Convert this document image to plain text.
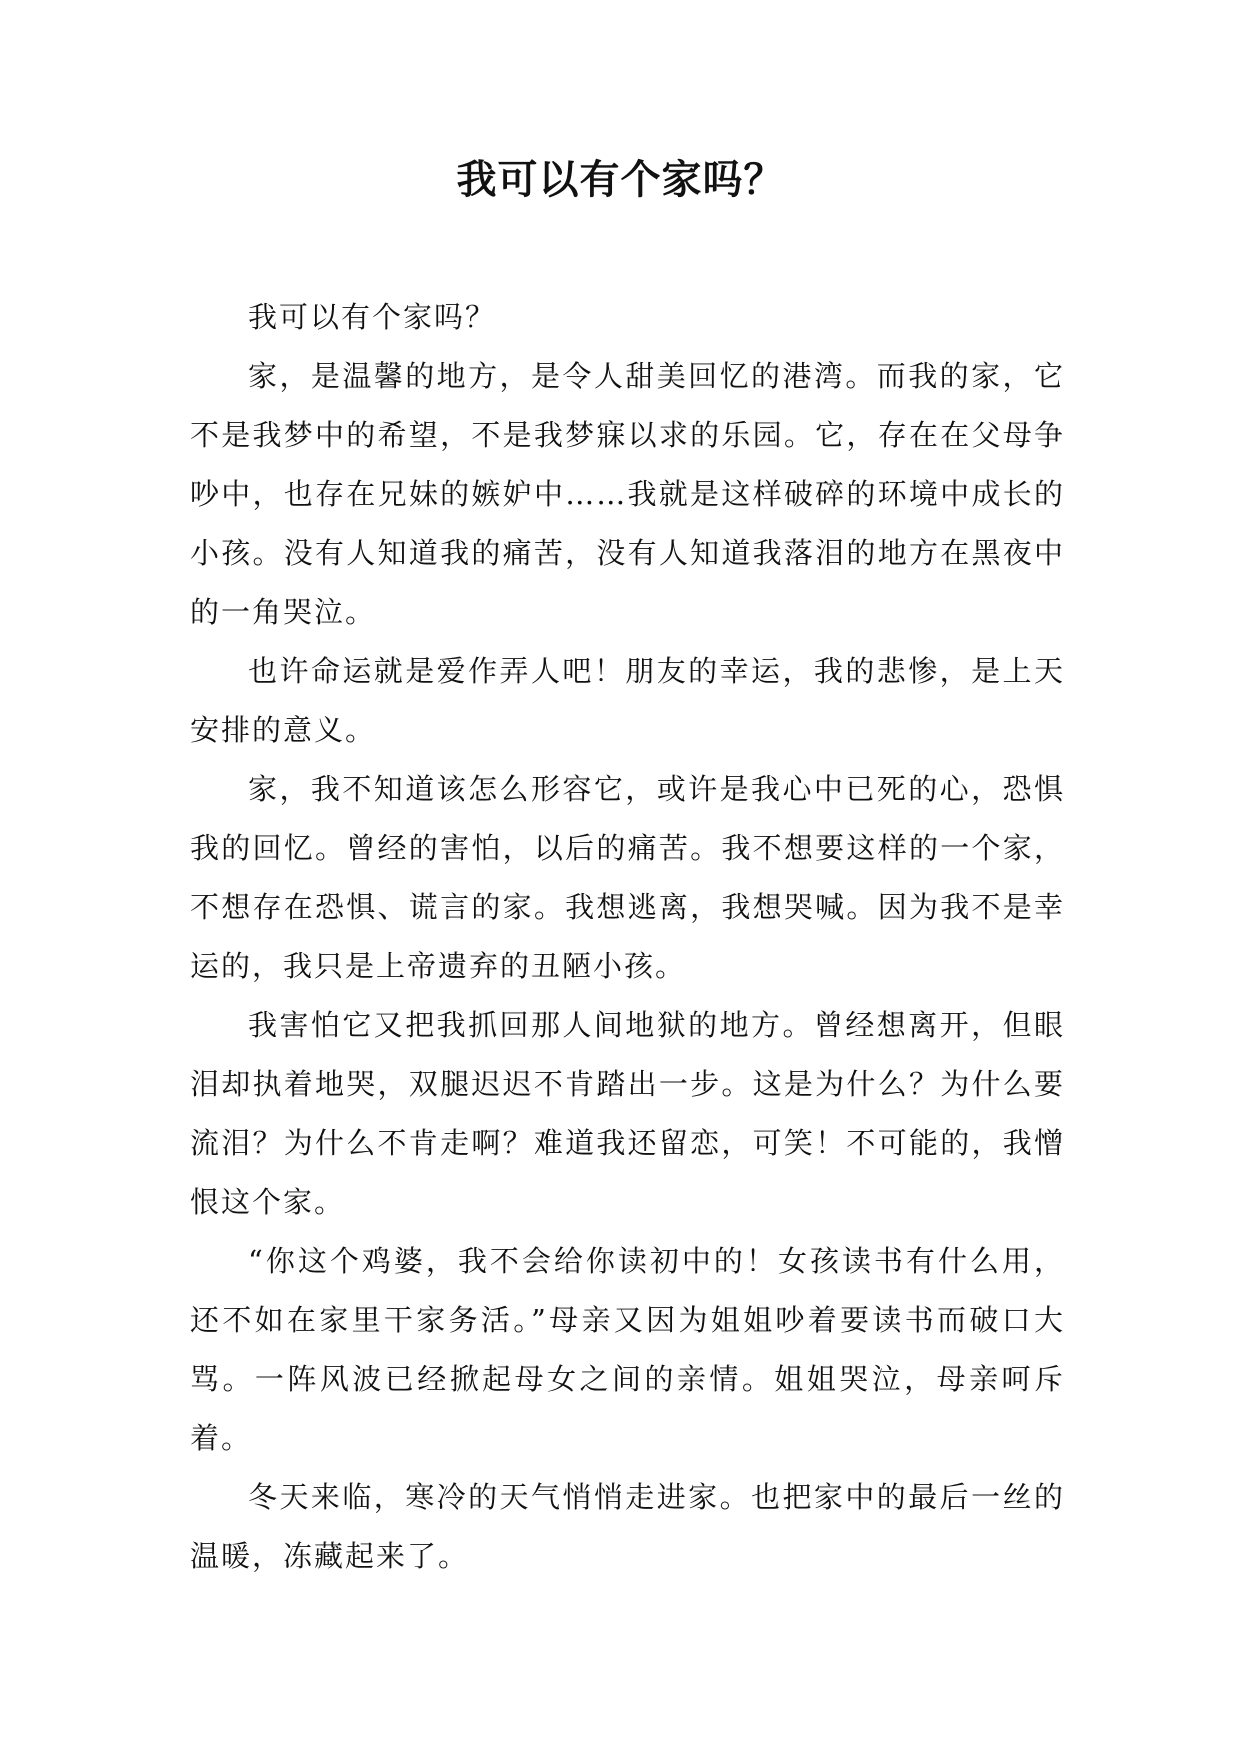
我可以有个家吗？

我可以有个家吗？

家，是温馨的地方，是令人甜美回忆的港湾。而我的家，它不是我梦中的希望，不是我梦寐以求的乐园。它，存在在父母争吵中，也存在兄妹的嫉妒中……我就是这样破碎的环境中成长的小孩。没有人知道我的痛苦，没有人知道我落泪的地方在黑夜中的一角哭泣。

也许命运就是爱作弄人吧！朋友的幸运，我的悲惨，是上天安排的意义。

家，我不知道该怎么形容它，或许是我心中已死的心，恐惧我的回忆。曾经的害怕，以后的痛苦。我不想要这样的一个家，不想存在恐惧、谎言的家。我想逃离，我想哭喊。因为我不是幸运的，我只是上帝遗弃的丑陋小孩。

我害怕它又把我抓回那人间地狱的地方。曾经想离开，但眼泪却执着地哭，双腿迟迟不肯踏出一步。这是为什么？为什么要流泪？为什么不肯走啊？难道我还留恋，可笑！不可能的，我憎恨这个家。

“你这个鸡婆，我不会给你读初中的！女孩读书有什么用，还不如在家里干家务活。”母亲又因为姐姐吵着要读书而破口大骂。一阵风波已经掀起母女之间的亲情。姐姐哭泣，母亲呵斥着。

冬天来临，寒冷的天气悄悄走进家。也把家中的最后一丝的温暖，冻藏起来了。
